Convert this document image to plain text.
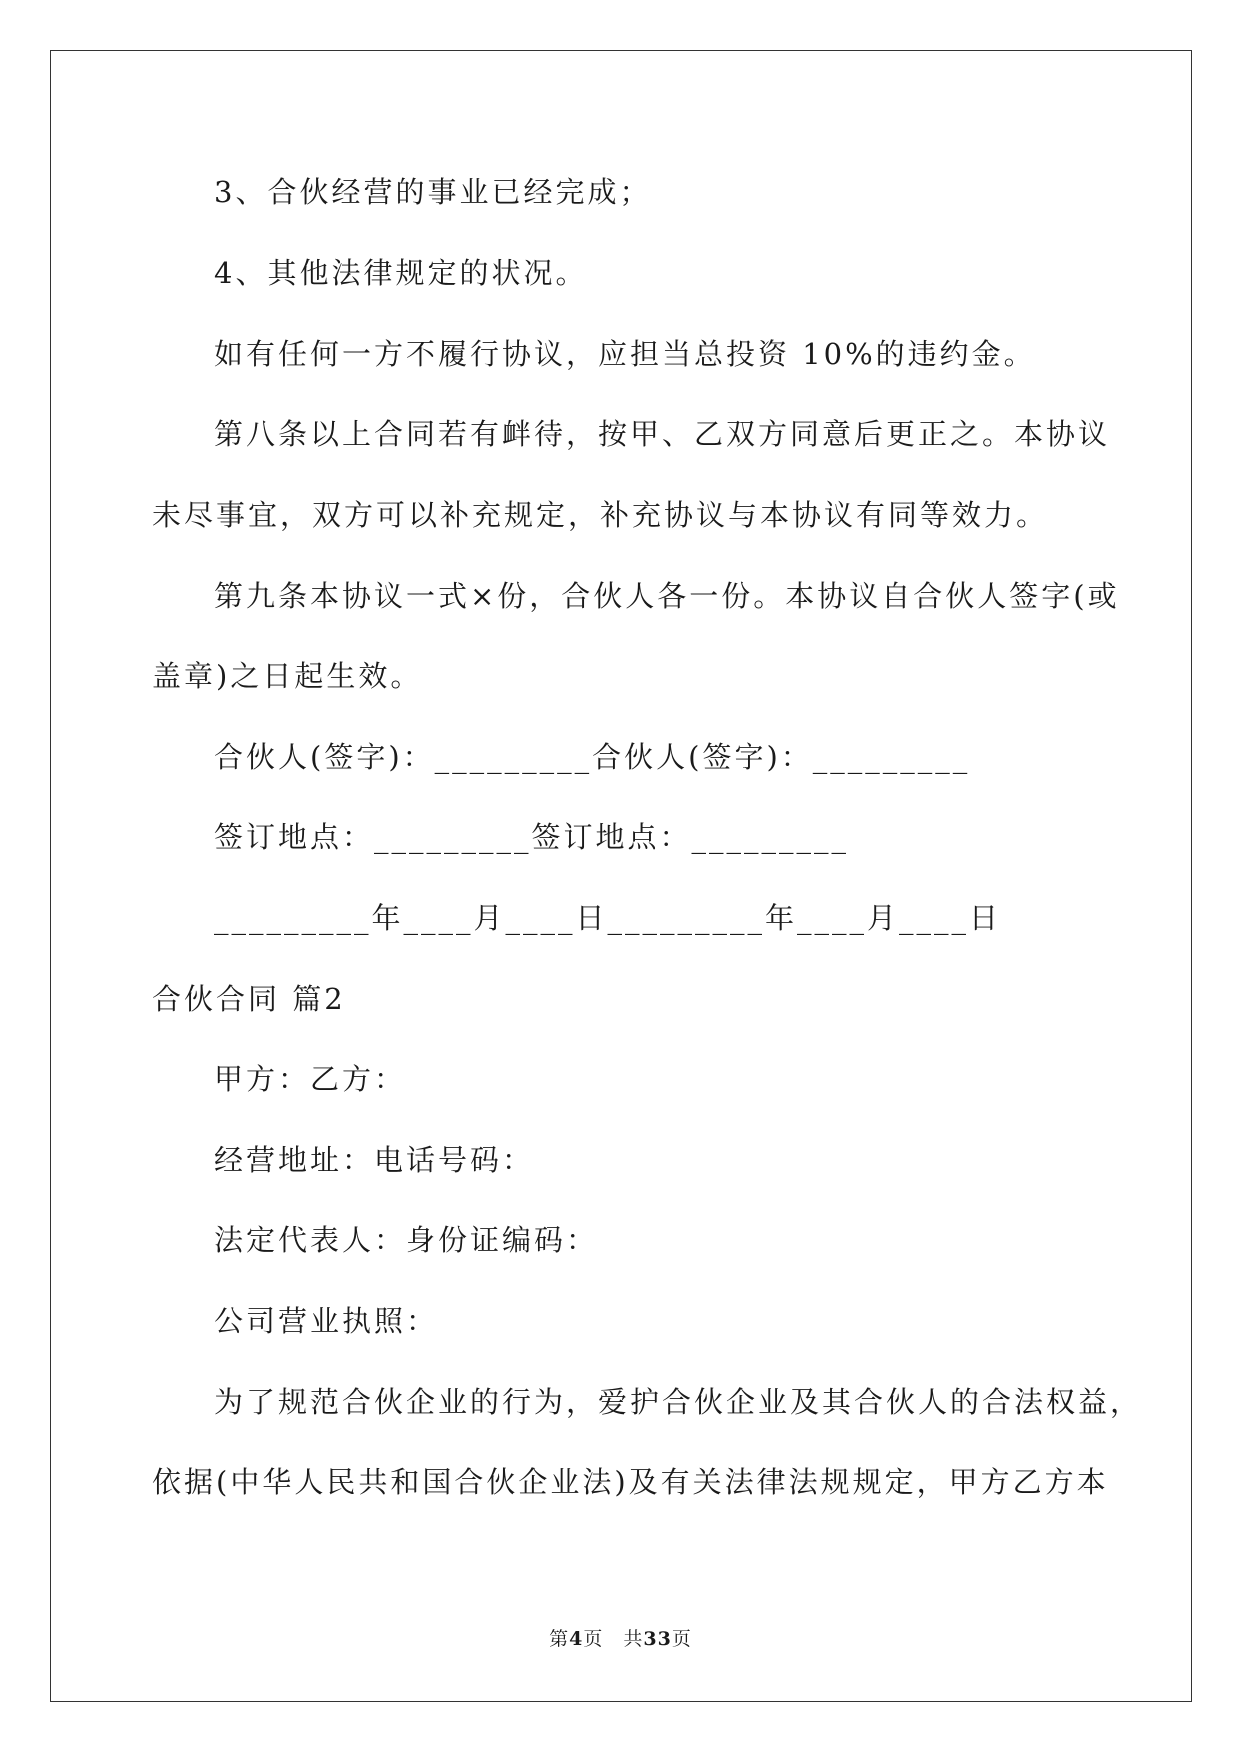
3、合伙经营的事业已经完成；
4、其他法律规定的状况。
如有任何一方不履行协议，应担当总投资 10%的违约金。
第八条以上合同若有衅待，按甲、乙双方同意后更正之。本协议
未尽事宜，双方可以补充规定，补充协议与本协议有同等效力。
第九条本协议一式×份，合伙人各一份。本协议自合伙人签字(或
盖章)之日起生效。
合伙人(签字)：_________合伙人(签字)：_________
签订地点：_________签订地点：_________
_________年____月____日_________年____月____日
合伙合同 篇2
甲方：乙方：
经营地址：电话号码：
法定代表人：身份证编码：
公司营业执照：
为了规范合伙企业的行为，爱护合伙企业及其合伙人的合法权益，
依据(中华人民共和国合伙企业法)及有关法律法规规定，甲方乙方本
第4页　共33页
